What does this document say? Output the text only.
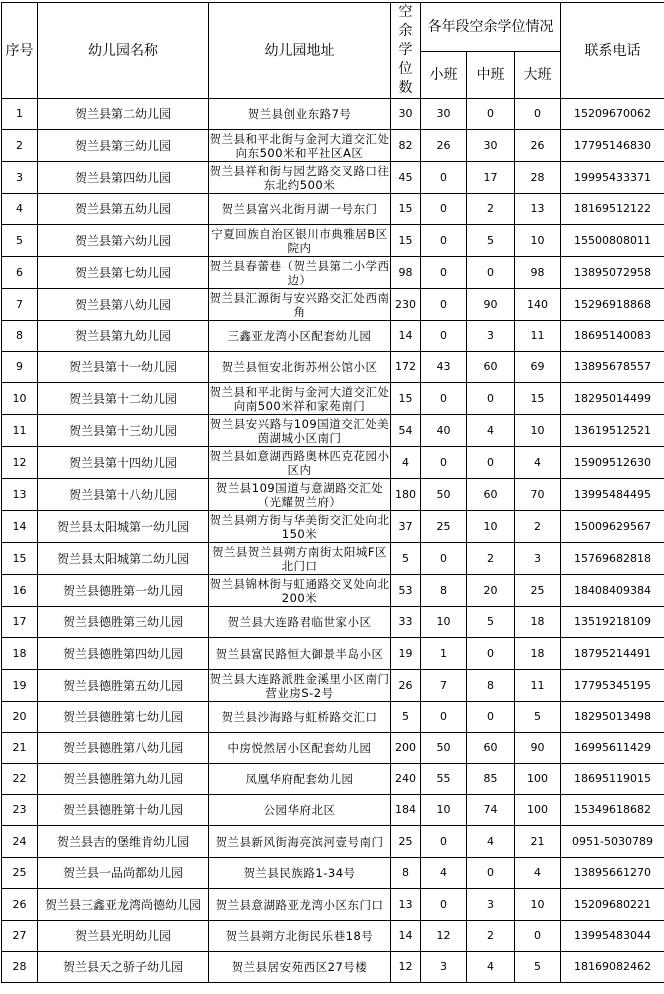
序号	幼儿园名称	幼儿园地址	空余学位数	各年段空余学位情况			联系电话
				小班	中班	大班	
1	贺兰县第二幼儿园	贺兰县创业东路7号	30	30	0	0	15209670062
2	贺兰县第三幼儿园	贺兰县和平北街与金河大道交汇处向东500米和平社区A区	82	26	30	26	17795146830
3	贺兰县第四幼儿园	贺兰县祥和街与园艺路交叉路口往东北约500米	45	0	17	28	19995433371
4	贺兰县第五幼儿园	贺兰县富兴北街月湖一号东门	15	0	2	13	18169512122
5	贺兰县第六幼儿园	宁夏回族自治区银川市典雅居B区院内	15	0	5	10	15500808011
6	贺兰县第七幼儿园	贺兰县春蕾巷（贺兰县第二小学西边）	98	0	0	98	13895072958
7	贺兰县第八幼儿园	贺兰县汇源街与安兴路交汇处西南角	230	0	90	140	15296918868
8	贺兰县第九幼儿园	三鑫亚龙湾小区配套幼儿园	14	0	3	11	18695140083
9	贺兰县第十一幼儿园	贺兰县恒安北街苏州公馆小区	172	43	60	69	13895678557
10	贺兰县第十二幼儿园	贺兰县和平北街与金河大道交汇处向南500米祥和家苑南门	15	0	0	15	18295014499
11	贺兰县第十三幼儿园	贺兰县安兴路与109国道交汇处美茵湖城小区南门	54	40	4	10	13619512521
12	贺兰县第十四幼儿园	贺兰县如意湖西路奥林匹克花园小区内	4	0	0	4	15909512630
13	贺兰县第十八幼儿园	贺兰县109国道与意湖路交汇处（光耀贺兰府）	180	50	60	70	13995484495
14	贺兰县太阳城第一幼儿园	贺兰县朔方街与华美街交汇处向北150米	37	25	10	2	15009629567
15	贺兰县太阳城第二幼儿园	贺兰县贺兰县朔方南街太阳城F区北门口	5	0	2	3	15769682818
16	贺兰县德胜第一幼儿园	贺兰县锦林街与虹通路交叉处向北200米	53	8	20	25	18408409384
17	贺兰县德胜第三幼儿园	贺兰县大连路君临世家小区	33	10	5	18	13519218109
18	贺兰县德胜第四幼儿园	贺兰县富民路恒大御景半岛小区	19	1	0	18	18795214491
19	贺兰县德胜第五幼儿园	贺兰县大连路派胜金溪里小区南门营业房S-2号	26	7	8	11	17795345195
20	贺兰县德胜第七幼儿园	贺兰县沙海路与虹桥路交汇口	5	0	0	5	18295013498
21	贺兰县德胜第八幼儿园	中房悦然居小区配套幼儿园	200	50	60	90	16995611429
22	贺兰县德胜第九幼儿园	凤凰华府配套幼儿园	240	55	85	100	18695119015
23	贺兰县德胜第十幼儿园	公园华府北区	184	10	74	100	15349618682
24	贺兰县吉的堡维肯幼儿园	贺兰县新风街海亮滨河壹号南门	25	0	4	21	0951-5030789
25	贺兰县一品尚都幼儿园	贺兰县民族路1-34号	8	4	0	4	13895661270
26	贺兰县三鑫亚龙湾尚德幼儿园	贺兰县意湖路亚龙湾小区东门口	13	0	3	10	15209680221
27	贺兰县光明幼儿园	贺兰县朔方北街民乐巷18号	14	12	2	0	13995483044
28	贺兰县天之骄子幼儿园	贺兰县居安苑西区27号楼	12	3	4	5	18169082462
